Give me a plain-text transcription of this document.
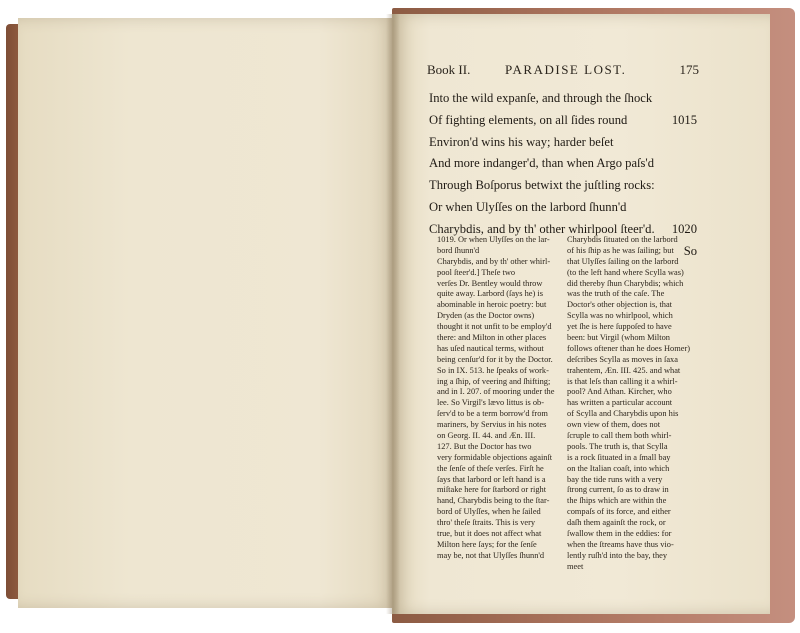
Book II.	PARADISE LOST.	175
Into the wild expanſe, and through the ſhock
Of fighting elements, on all ſides round	1015
Environ'd wins his way; harder beſet
And more indanger'd, than when Argo paſs'd
Through Boſporus betwixt the juſtling rocks:
Or when Ulyſſes on the larbord ſhunn'd
Charybdis, and by th' other whirlpool ſteer'd. 1020
So
1019. Or when Ulyſſes on the lar-
bord ſhunn'd
Charybdis, and by th' other whirl-
pool ſteer'd.] Theſe two
verſes Dr. Bentley would throw
quite away. Larbord (ſays he) is
abominable in heroic poetry: but
Dryden (as the Doctor owns)
thought it not unfit to be employ'd
there: and Milton in other places
has uſed nautical terms, without
being cenſur'd for it by the Doctor.
So in IX. 513. he ſpeaks of work-
ing a ſhip, of veering and ſhifting;
and in I. 207. of mooring under the
lee. So Virgil's lævo littus is ob-
ſerv'd to be a term borrow'd from
mariners, by Servius in his notes
on Georg. II. 44. and Æn. III.
127. But the Doctor has two
very formidable objections againſt
the ſenſe of theſe verſes. Firſt he
ſays that larbord or left hand is a
miſtake here for ſtarbord or right
hand, Charybdis being to the ſtar-
bord of Ulyſſes, when he ſailed
thro' theſe ſtraits. This is very
true, but it does not affect what
Milton here ſays; for the ſenſe
may be, not that Ulyſſes ſhunn'd
Charybdis ſituated on the larbord
of his ſhip as he was ſailing; but
that Ulyſſes ſailing on the larbord
(to the left hand where Scylla was)
did thereby ſhun Charybdis; which
was the truth of the caſe. The
Doctor's other objection is, that
Scylla was no whirlpool, which
yet ſhe is here ſuppoſed to have
been: but Virgil (whom Milton
follows oftener than he does Homer)
deſcribes Scylla as moves in ſaxa
trahentem, Æn. III. 425. and what
is that leſs than calling it a whirl-
pool? And Athan. Kircher, who
has written a particular account
of Scylla and Charybdis upon his
own view of them, does not
ſcruple to call them both whirl-
pools. The truth is, that Scylla
is a rock ſituated in a ſmall bay
on the Italian coaſt, into which
bay the tide runs with a very
ſtrong current, ſo as to draw in
the ſhips which are within the
compaſs of its force, and either
daſh them againſt the rock, or
ſwallow them in the eddies: for
when the ſtreams have thus vio-
lently ruſh'd into the bay, they
meet
